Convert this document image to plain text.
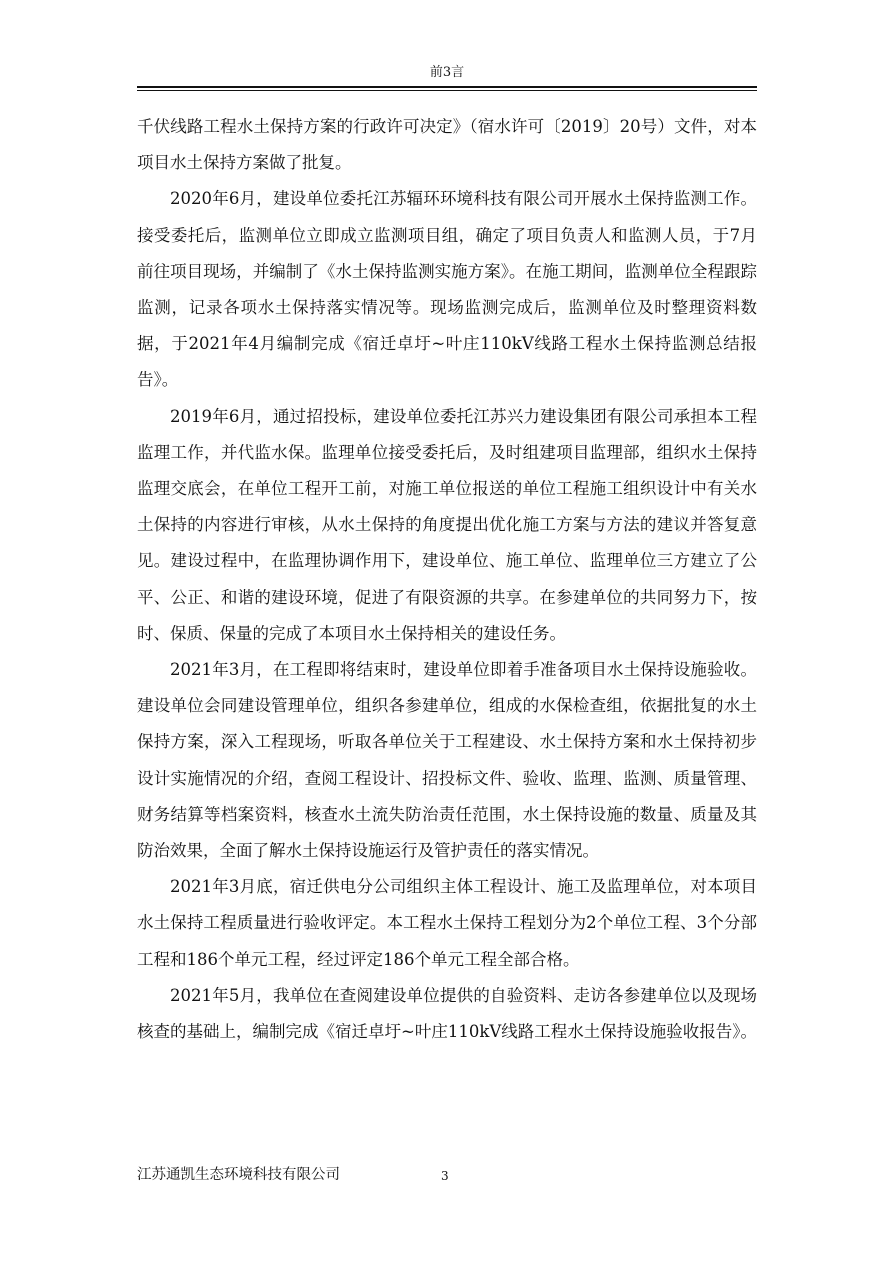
前3言

千伏线路工程水土保持方案的行政许可决定》（宿水许可〔2019〕20号）文件，对本项目水土保持方案做了批复。

2020年6月，建设单位委托江苏辐环环境科技有限公司开展水土保持监测工作。接受委托后，监测单位立即成立监测项目组，确定了项目负责人和监测人员，于7月前往项目现场，并编制了《水土保持监测实施方案》。在施工期间，监测单位全程跟踪监测，记录各项水土保持落实情况等。现场监测完成后，监测单位及时整理资料数据，于2021年4月编制完成《宿迁卓圩~叶庄110kV线路工程水土保持监测总结报告》。

2019年6月，通过招投标，建设单位委托江苏兴力建设集团有限公司承担本工程监理工作，并代监水保。监理单位接受委托后，及时组建项目监理部，组织水土保持监理交底会，在单位工程开工前，对施工单位报送的单位工程施工组织设计中有关水土保持的内容进行审核，从水土保持的角度提出优化施工方案与方法的建议并答复意见。建设过程中，在监理协调作用下，建设单位、施工单位、监理单位三方建立了公平、公正、和谐的建设环境，促进了有限资源的共享。在参建单位的共同努力下，按时、保质、保量的完成了本项目水土保持相关的建设任务。

2021年3月，在工程即将结束时，建设单位即着手准备项目水土保持设施验收。建设单位会同建设管理单位，组织各参建单位，组成的水保检查组，依据批复的水土保持方案，深入工程现场，听取各单位关于工程建设、水土保持方案和水土保持初步设计实施情况的介绍，查阅工程设计、招投标文件、验收、监理、监测、质量管理、财务结算等档案资料，核查水土流失防治责任范围，水土保持设施的数量、质量及其防治效果，全面了解水土保持设施运行及管护责任的落实情况。

2021年3月底，宿迁供电分公司组织主体工程设计、施工及监理单位，对本项目水土保持工程质量进行验收评定。本工程水土保持工程划分为2个单位工程、3个分部工程和186个单元工程，经过评定186个单元工程全部合格。

2021年5月，我单位在查阅建设单位提供的自验资料、走访各参建单位以及现场核查的基础上，编制完成《宿迁卓圩~叶庄110kV线路工程水土保持设施验收报告》。

江苏通凯生态环境科技有限公司	3
